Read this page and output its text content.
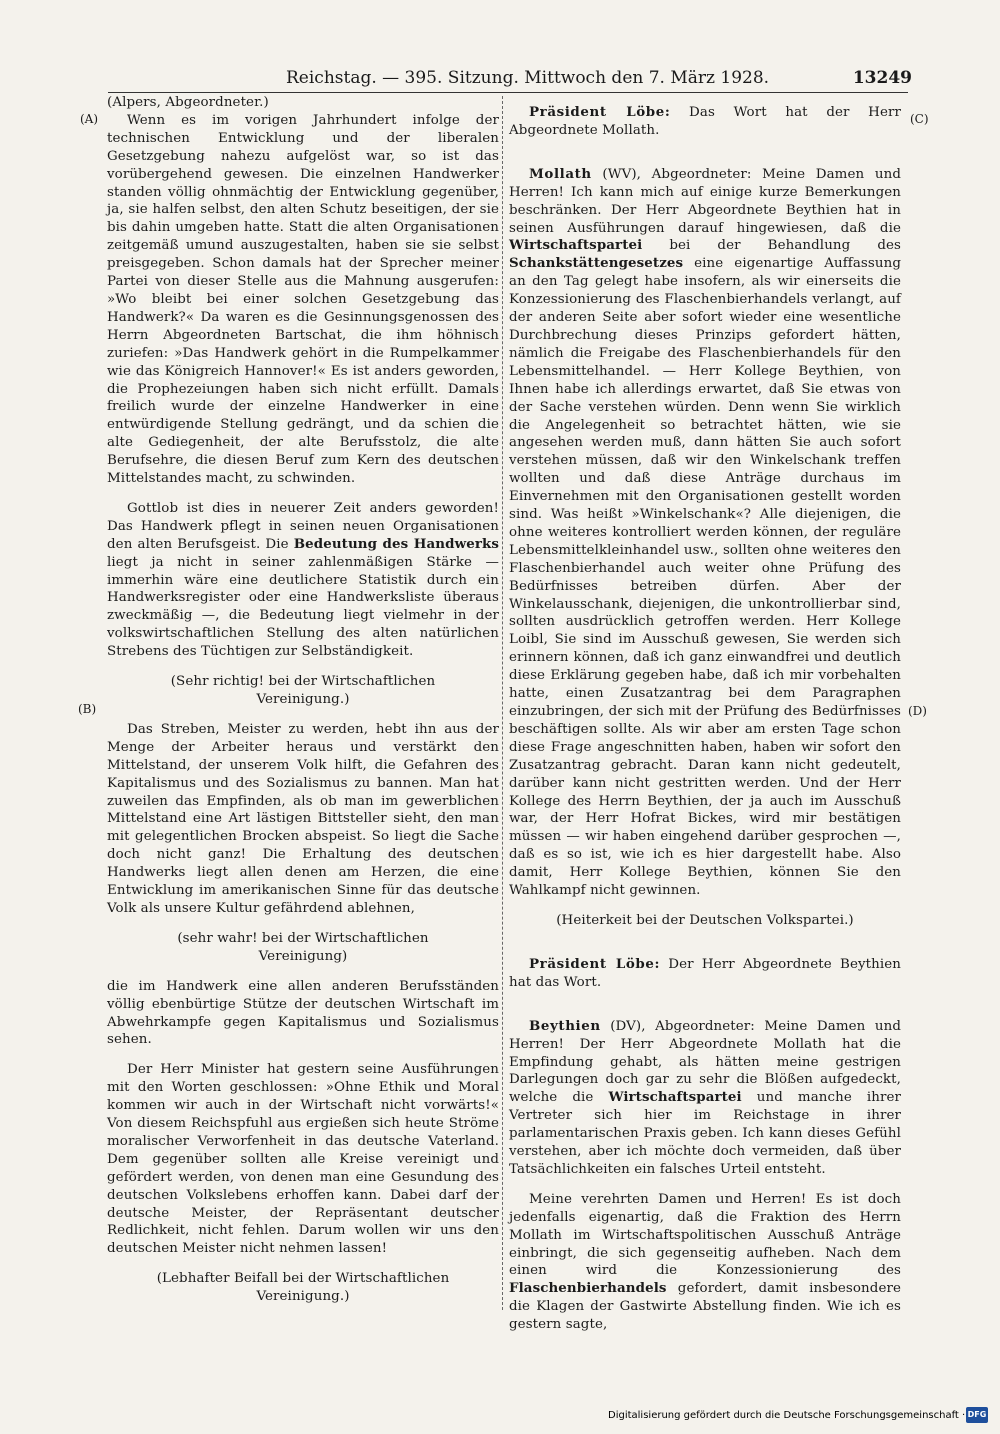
Reichstag. — 395. Sitzung. Mittwoch den 7. März 1928.	13249
(A)
(B)
(C)
(D)

(Alpers, Abgeordneter.)

Wenn es im vorigen Jahrhundert infolge der technischen Entwicklung und der liberalen Gesetzgebung nahezu aufgelöst war, so ist das vorübergehend gewesen. Die einzelnen Handwerker standen völlig ohnmächtig der Entwicklung gegenüber, ja, sie halfen selbst, den alten Schutz beseitigen, der sie bis dahin umgeben hatte. Statt die alten Organisationen zeitgemäß umund auszugestalten, haben sie sie selbst preisgegeben. Schon damals hat der Sprecher meiner Partei von dieser Stelle aus die Mahnung ausgerufen: »Wo bleibt bei einer solchen Gesetzgebung das Handwerk?« Da waren es die Gesinnungsgenossen des Herrn Abgeordneten Bartschat, die ihm höhnisch zuriefen: »Das Handwerk gehört in die Rumpelkammer wie das Königreich Hannover!« Es ist anders geworden, die Prophezeiungen haben sich nicht erfüllt. Damals freilich wurde der einzelne Handwerker in eine entwürdigende Stellung gedrängt, und da schien die alte Gediegenheit, der alte Berufsstolz, die alte Berufsehre, die diesen Beruf zum Kern des deutschen Mittelstandes macht, zu schwinden.

Gottlob ist dies in neuerer Zeit anders geworden! Das Handwerk pflegt in seinen neuen Organisationen den alten Berufsgeist. Die Bedeutung des Handwerks liegt ja nicht in seiner zahlenmäßigen Stärke — immerhin wäre eine deutlichere Statistik durch ein Handwerksregister oder eine Handwerksliste überaus zweckmäßig —, die Bedeutung liegt vielmehr in der volkswirtschaftlichen Stellung des alten natürlichen Strebens des Tüchtigen zur Selbständigkeit.

(Sehr richtig! bei der Wirtschaftlichen Vereinigung.)

Das Streben, Meister zu werden, hebt ihn aus der Menge der Arbeiter heraus und verstärkt den Mittelstand, der unserem Volk hilft, die Gefahren des Kapitalismus und des Sozialismus zu bannen. Man hat zuweilen das Empfinden, als ob man im gewerblichen Mittelstand eine Art lästigen Bittsteller sieht, den man mit gelegentlichen Brocken abspeist. So liegt die Sache doch nicht ganz! Die Erhaltung des deutschen Handwerks liegt allen denen am Herzen, die eine Entwicklung im amerikanischen Sinne für das deutsche Volk als unsere Kultur gefährdend ablehnen,

(sehr wahr! bei der Wirtschaftlichen Vereinigung)

die im Handwerk eine allen anderen Berufsständen völlig ebenbürtige Stütze der deutschen Wirtschaft im Abwehrkampfe gegen Kapitalismus und Sozialismus sehen.

Der Herr Minister hat gestern seine Ausführungen mit den Worten geschlossen: »Ohne Ethik und Moral kommen wir auch in der Wirtschaft nicht vorwärts!« Von diesem Reichspfuhl aus ergießen sich heute Ströme moralischer Verworfenheit in das deutsche Vaterland. Dem gegenüber sollten alle Kreise vereinigt und gefördert werden, von denen man eine Gesundung des deutschen Volkslebens erhoffen kann. Dabei darf der deutsche Meister, der Repräsentant deutscher Redlichkeit, nicht fehlen. Darum wollen wir uns den deutschen Meister nicht nehmen lassen!

(Lebhafter Beifall bei der Wirtschaftlichen Vereinigung.)

Präsident Löbe: Das Wort hat der Herr Abgeordnete Mollath.

Mollath (WV), Abgeordneter: Meine Damen und Herren! Ich kann mich auf einige kurze Bemerkungen beschränken. Der Herr Abgeordnete Beythien hat in seinen Ausführungen darauf hingewiesen, daß die Wirtschaftspartei bei der Behandlung des Schankstättengesetzes eine eigenartige Auffassung an den Tag gelegt habe insofern, als wir einerseits die Konzessionierung des Flaschenbierhandels verlangt, auf der anderen Seite aber sofort wieder eine wesentliche Durchbrechung dieses Prinzips gefordert hätten, nämlich die Freigabe des Flaschenbierhandels für den Lebensmittelhandel. — Herr Kollege Beythien, von Ihnen habe ich allerdings erwartet, daß Sie etwas von der Sache verstehen würden. Denn wenn Sie wirklich die Angelegenheit so betrachtet hätten, wie sie angesehen werden muß, dann hätten Sie auch sofort verstehen müssen, daß wir den Winkelschank treffen wollten und daß diese Anträge durchaus im Einvernehmen mit den Organisationen gestellt worden sind. Was heißt »Winkelschank«? Alle diejenigen, die ohne weiteres kontrolliert werden können, der reguläre Lebensmittelkleinhandel usw., sollten ohne weiteres den Flaschenbierhandel auch weiter ohne Prüfung des Bedürfnisses betreiben dürfen. Aber der Winkelausschank, diejenigen, die unkontrollierbar sind, sollten ausdrücklich getroffen werden. Herr Kollege Loibl, Sie sind im Ausschuß gewesen, Sie werden sich erinnern können, daß ich ganz einwandfrei und deutlich diese Erklärung gegeben habe, daß ich mir vorbehalten hatte, einen Zusatzantrag bei dem Paragraphen einzubringen, der sich mit der Prüfung des Bedürfnisses beschäftigen sollte. Als wir aber am ersten Tage schon diese Frage angeschnitten haben, haben wir sofort den Zusatzantrag gebracht. Daran kann nicht gedeutelt, darüber kann nicht gestritten werden. Und der Herr Kollege des Herrn Beythien, der ja auch im Ausschuß war, der Herr Hofrat Bickes, wird mir bestätigen müssen — wir haben eingehend darüber gesprochen —, daß es so ist, wie ich es hier dargestellt habe. Also damit, Herr Kollege Beythien, können Sie den Wahlkampf nicht gewinnen.

(Heiterkeit bei der Deutschen Volkspartei.)

Präsident Löbe: Der Herr Abgeordnete Beythien hat das Wort.

Beythien (DV), Abgeordneter: Meine Damen und Herren! Der Herr Abgeordnete Mollath hat die Empfindung gehabt, als hätten meine gestrigen Darlegungen doch gar zu sehr die Blößen aufgedeckt, welche die Wirtschaftspartei und manche ihrer Vertreter sich hier im Reichstage in ihrer parlamentarischen Praxis geben. Ich kann dieses Gefühl verstehen, aber ich möchte doch vermeiden, daß über Tatsächlichkeiten ein falsches Urteil entsteht.

Meine verehrten Damen und Herren! Es ist doch jedenfalls eigenartig, daß die Fraktion des Herrn Mollath im Wirtschaftspolitischen Ausschuß Anträge einbringt, die sich gegenseitig aufheben. Nach dem einen wird die Konzessionierung des Flaschenbierhandels gefordert, damit insbesondere die Klagen der Gastwirte Abstellung finden. Wie ich es gestern sagte,

Digitalisierung gefördert durch die Deutsche Forschungsgemeinschaft · DFG
